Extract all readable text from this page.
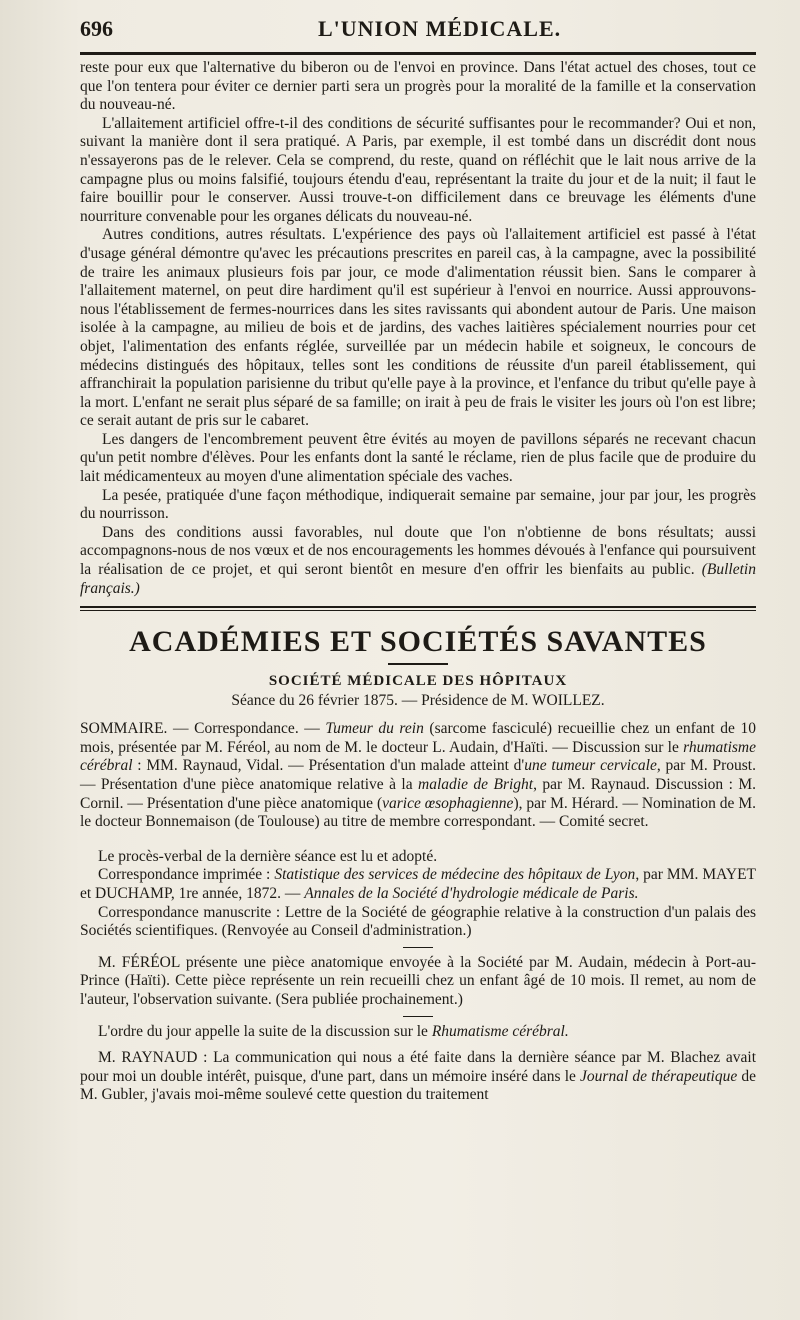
696	L'UNION MÉDICALE.

reste pour eux que l'alternative du biberon ou de l'envoi en province. Dans l'état actuel des choses, tout ce que l'on tentera pour éviter ce dernier parti sera un progrès pour la moralité de la famille et la conservation du nouveau-né.

L'allaitement artificiel offre-t-il des conditions de sécurité suffisantes pour le recommander? Oui et non, suivant la manière dont il sera pratiqué. A Paris, par exemple, il est tombé dans un discrédit dont nous n'essayerons pas de le relever. Cela se comprend, du reste, quand on réfléchit que le lait nous arrive de la campagne plus ou moins falsifié, toujours étendu d'eau, représentant la traite du jour et de la nuit; il faut le faire bouillir pour le conserver. Aussi trouve-t-on difficilement dans ce breuvage les éléments d'une nourriture convenable pour les organes délicats du nouveau-né.

Autres conditions, autres résultats. L'expérience des pays où l'allaitement artificiel est passé à l'état d'usage général démontre qu'avec les précautions prescrites en pareil cas, à la campagne, avec la possibilité de traire les animaux plusieurs fois par jour, ce mode d'alimentation réussit bien. Sans le comparer à l'allaitement maternel, on peut dire hardiment qu'il est supérieur à l'envoi en nourrice. Aussi approuvons-nous l'établissement de fermes-nourrices dans les sites ravissants qui abondent autour de Paris. Une maison isolée à la campagne, au milieu de bois et de jardins, des vaches laitières spécialement nourries pour cet objet, l'alimentation des enfants réglée, surveillée par un médecin habile et soigneux, le concours de médecins distingués des hôpitaux, telles sont les conditions de réussite d'un pareil établissement, qui affranchirait la population parisienne du tribut qu'elle paye à la province, et l'enfance du tribut qu'elle paye à la mort. L'enfant ne serait plus séparé de sa famille; on irait à peu de frais le visiter les jours où l'on est libre; ce serait autant de pris sur le cabaret.

Les dangers de l'encombrement peuvent être évités au moyen de pavillons séparés ne recevant chacun qu'un petit nombre d'élèves. Pour les enfants dont la santé le réclame, rien de plus facile que de produire du lait médicamenteux au moyen d'une alimentation spéciale des vaches.

La pesée, pratiquée d'une façon méthodique, indiquerait semaine par semaine, jour par jour, les progrès du nourrisson.

Dans des conditions aussi favorables, nul doute que l'on n'obtienne de bons résultats; aussi accompagnons-nous de nos vœux et de nos encouragements les hommes dévoués à l'enfance qui poursuivent la réalisation de ce projet, et qui seront bientôt en mesure d'en offrir les bienfaits au public. (Bulletin français.)

ACADÉMIES ET SOCIÉTÉS SAVANTES
SOCIÉTÉ MÉDICALE DES HÔPITAUX
Séance du 26 février 1875. — Présidence de M. WOILLEZ.

SOMMAIRE. — Correspondance. — Tumeur du rein (sarcome fasciculé) recueillie chez un enfant de 10 mois, présentée par M. Féréol, au nom de M. le docteur L. Audain, d'Haïti. — Discussion sur le rhumatisme cérébral : MM. Raynaud, Vidal. — Présentation d'un malade atteint d'une tumeur cervicale, par M. Proust. — Présentation d'une pièce anatomique relative à la maladie de Bright, par M. Raynaud. Discussion : M. Cornil. — Présentation d'une pièce anatomique (varice œsophagienne), par M. Hérard. — Nomination de M. le docteur Bonnemaison (de Toulouse) au titre de membre correspondant. — Comité secret.

Le procès-verbal de la dernière séance est lu et adopté.

Correspondance imprimée : Statistique des services de médecine des hôpitaux de Lyon, par MM. MAYET et DUCHAMP, 1re année, 1872. — Annales de la Société d'hydrologie médicale de Paris.

Correspondance manuscrite : Lettre de la Société de géographie relative à la construction d'un palais des Sociétés scientifiques. (Renvoyée au Conseil d'administration.)

M. FÉRÉOL présente une pièce anatomique envoyée à la Société par M. Audain, médecin à Port-au-Prince (Haïti). Cette pièce représente un rein recueilli chez un enfant âgé de 10 mois. Il remet, au nom de l'auteur, l'observation suivante. (Sera publiée prochainement.)

L'ordre du jour appelle la suite de la discussion sur le Rhumatisme cérébral.

M. RAYNAUD : La communication qui nous a été faite dans la dernière séance par M. Blachez avait pour moi un double intérêt, puisque, d'une part, dans un mémoire inséré dans le Journal de thérapeutique de M. Gubler, j'avais moi-même soulevé cette question du traitement
